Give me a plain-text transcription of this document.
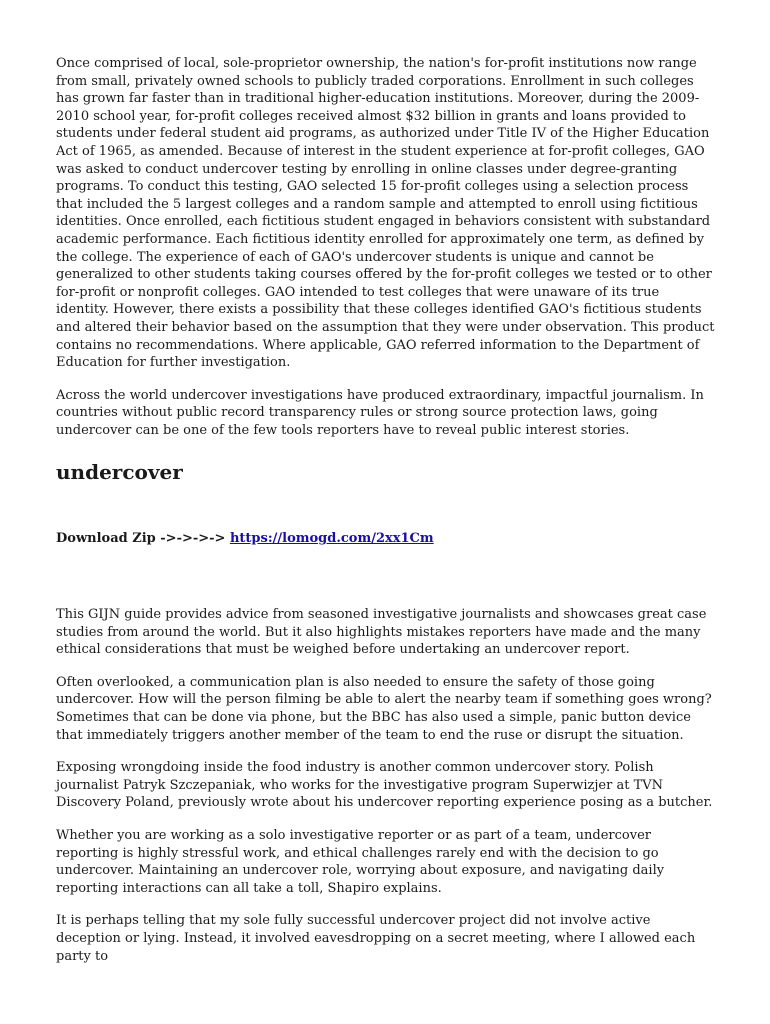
Once comprised of local, sole-proprietor ownership, the nation's for-profit institutions now range from small, privately owned schools to publicly traded corporations. Enrollment in such colleges has grown far faster than in traditional higher-education institutions. Moreover, during the 2009-2010 school year, for-profit colleges received almost $32 billion in grants and loans provided to students under federal student aid programs, as authorized under Title IV of the Higher Education Act of 1965, as amended. Because of interest in the student experience at for-profit colleges, GAO was asked to conduct undercover testing by enrolling in online classes under degree-granting programs. To conduct this testing, GAO selected 15 for-profit colleges using a selection process that included the 5 largest colleges and a random sample and attempted to enroll using fictitious identities. Once enrolled, each fictitious student engaged in behaviors consistent with substandard academic performance. Each fictitious identity enrolled for approximately one term, as defined by the college. The experience of each of GAO's undercover students is unique and cannot be generalized to other students taking courses offered by the for-profit colleges we tested or to other for-profit or nonprofit colleges. GAO intended to test colleges that were unaware of its true identity. However, there exists a possibility that these colleges identified GAO's fictitious students and altered their behavior based on the assumption that they were under observation. This product contains no recommendations. Where applicable, GAO referred information to the Department of Education for further investigation.

Across the world undercover investigations have produced extraordinary, impactful journalism. In countries without public record transparency rules or strong source protection laws, going undercover can be one of the few tools reporters have to reveal public interest stories.

undercover
Download Zip ->->->-> https://lomogd.com/2xx1Cm

This GIJN guide provides advice from seasoned investigative journalists and showcases great case studies from around the world. But it also highlights mistakes reporters have made and the many ethical considerations that must be weighed before undertaking an undercover report.

Often overlooked, a communication plan is also needed to ensure the safety of those going undercover. How will the person filming be able to alert the nearby team if something goes wrong? Sometimes that can be done via phone, but the BBC has also used a simple, panic button device that immediately triggers another member of the team to end the ruse or disrupt the situation.

Exposing wrongdoing inside the food industry is another common undercover story. Polish journalist Patryk Szczepaniak, who works for the investigative program Superwizjer at TVN Discovery Poland, previously wrote about his undercover reporting experience posing as a butcher.

Whether you are working as a solo investigative reporter or as part of a team, undercover reporting is highly stressful work, and ethical challenges rarely end with the decision to go undercover. Maintaining an undercover role, worrying about exposure, and navigating daily reporting interactions can all take a toll, Shapiro explains.

It is perhaps telling that my sole fully successful undercover project did not involve active deception or lying. Instead, it involved eavesdropping on a secret meeting, where I allowed each party to
